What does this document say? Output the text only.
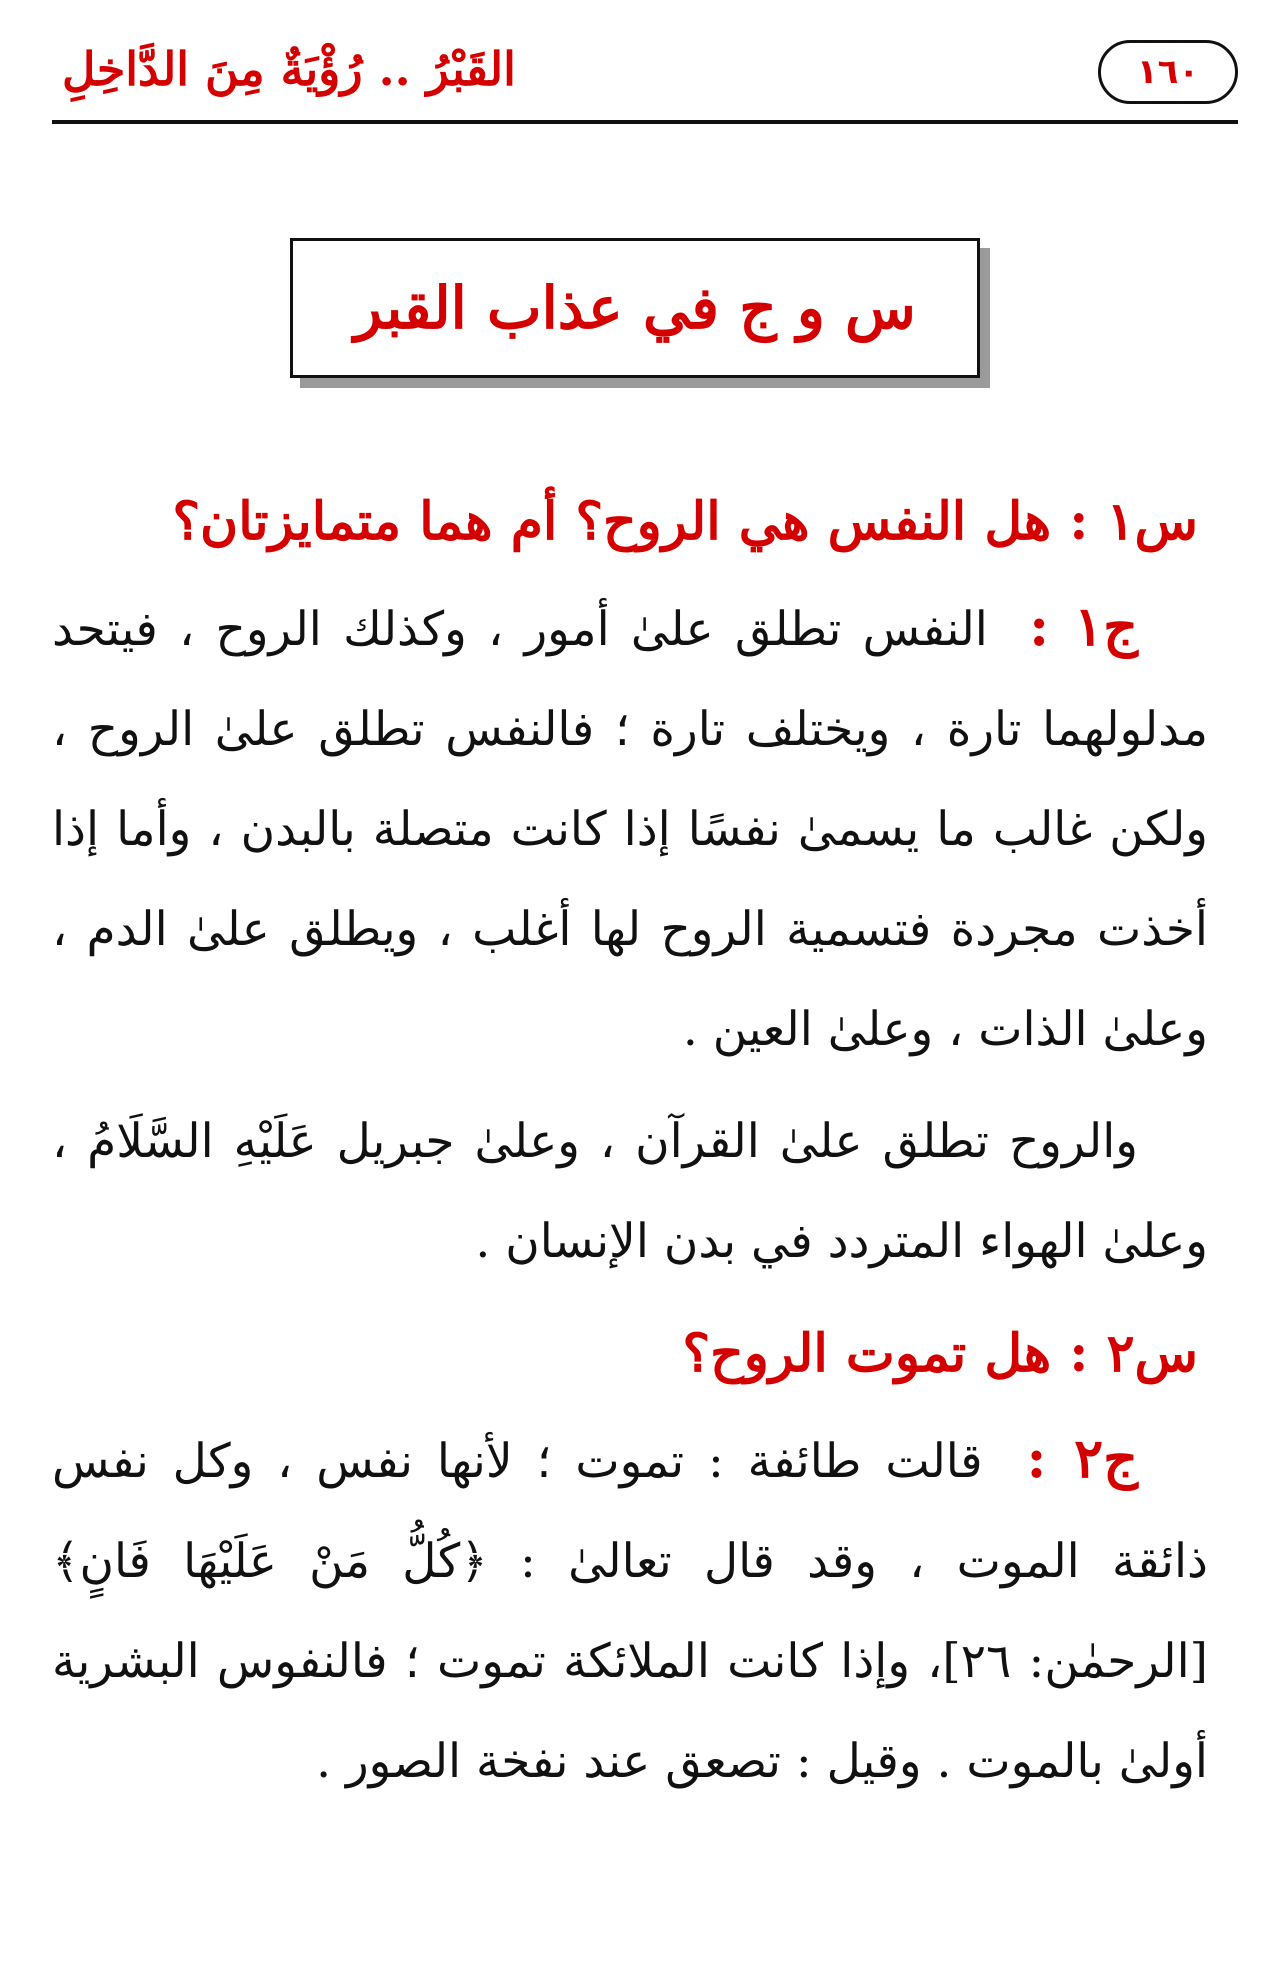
١٦٠
القَبْرُ .. رُؤْيَةٌ مِنَ الدَّاخِلِ
س و ج في عذاب القبر

س١ : هل النفس هي الروح؟ أم هما متمايزتان؟

ج١ : النفس تطلق علىٰ أمور ، وكذلك الروح ، فيتحد مدلولهما تارة ، ويختلف تارة ؛ فالنفس تطلق علىٰ الروح ، ولكن غالب ما يسمىٰ نفسًا إذا كانت متصلة بالبدن ، وأما إذا أخذت مجردة فتسمية الروح لها أغلب ، ويطلق علىٰ الدم ، وعلىٰ الذات ، وعلىٰ العين .

والروح تطلق علىٰ القرآن ، وعلىٰ جبريل عَلَيْهِ السَّلَامُ ، وعلىٰ الهواء المتردد في بدن الإنسان .

س٢ : هل تموت الروح؟

ج٢ : قالت طائفة : تموت ؛ لأنها نفس ، وكل نفس ذائقة الموت ، وقد قال تعالىٰ : ﴿كُلُّ مَنْ عَلَيْهَا فَانٍ﴾ [الرحمٰن: ٢٦]، وإذا كانت الملائكة تموت ؛ فالنفوس البشرية أولىٰ بالموت . وقيل : تصعق عند نفخة الصور .
